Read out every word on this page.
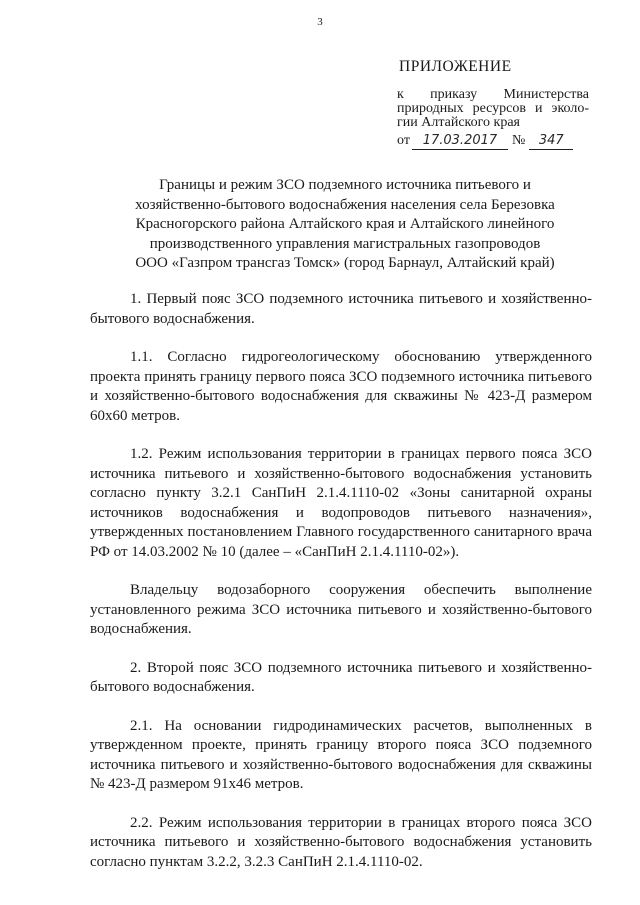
3
ПРИЛОЖЕНИЕ
к приказу Министерства
природных ресурсов и эколо-
гии Алтайского края
от 17.03.2017	№	347
Границы и режим ЗСО подземного источника питьевого и
хозяйственно-бытового водоснабжения населения села Березовка
Красногорского района Алтайского края и Алтайского линейного
производственного управления магистральных газопроводов
ООО «Газпром трансгаз Томск» (город Барнаул, Алтайский край)

1. Первый пояс ЗСО подземного источника питьевого и хозяйственно-бытового водоснабжения.

1.1. Согласно гидрогеологическому обоснованию утвержденного проекта принять границу первого пояса ЗСО подземного источника питьевого и хозяйственно-бытового водоснабжения для скважины № 423-Д размером 60х60 метров.

1.2. Режим использования территории в границах первого пояса ЗСО источника питьевого и хозяйственно-бытового водоснабжения установить согласно пункту 3.2.1 СанПиН 2.1.4.1110-02 «Зоны санитарной охраны источников водоснабжения и водопроводов питьевого назначения», утвержденных постановлением Главного государственного санитарного врача РФ от 14.03.2002 № 10 (далее – «СанПиН 2.1.4.1110-02»).

Владельцу водозаборного сооружения обеспечить выполнение установленного режима ЗСО источника питьевого и хозяйственно-бытового водоснабжения.

2. Второй пояс ЗСО подземного источника питьевого и хозяйственно-бытового водоснабжения.

2.1. На основании гидродинамических расчетов, выполненных в утвержденном проекте, принять границу второго пояса ЗСО подземного источника питьевого и хозяйственно-бытового водоснабжения для скважины № 423-Д размером 91х46 метров.

2.2. Режим использования территории в границах второго пояса ЗСО источника питьевого и хозяйственно-бытового водоснабжения установить согласно пунктам 3.2.2, 3.2.3 СанПиН 2.1.4.1110-02.
